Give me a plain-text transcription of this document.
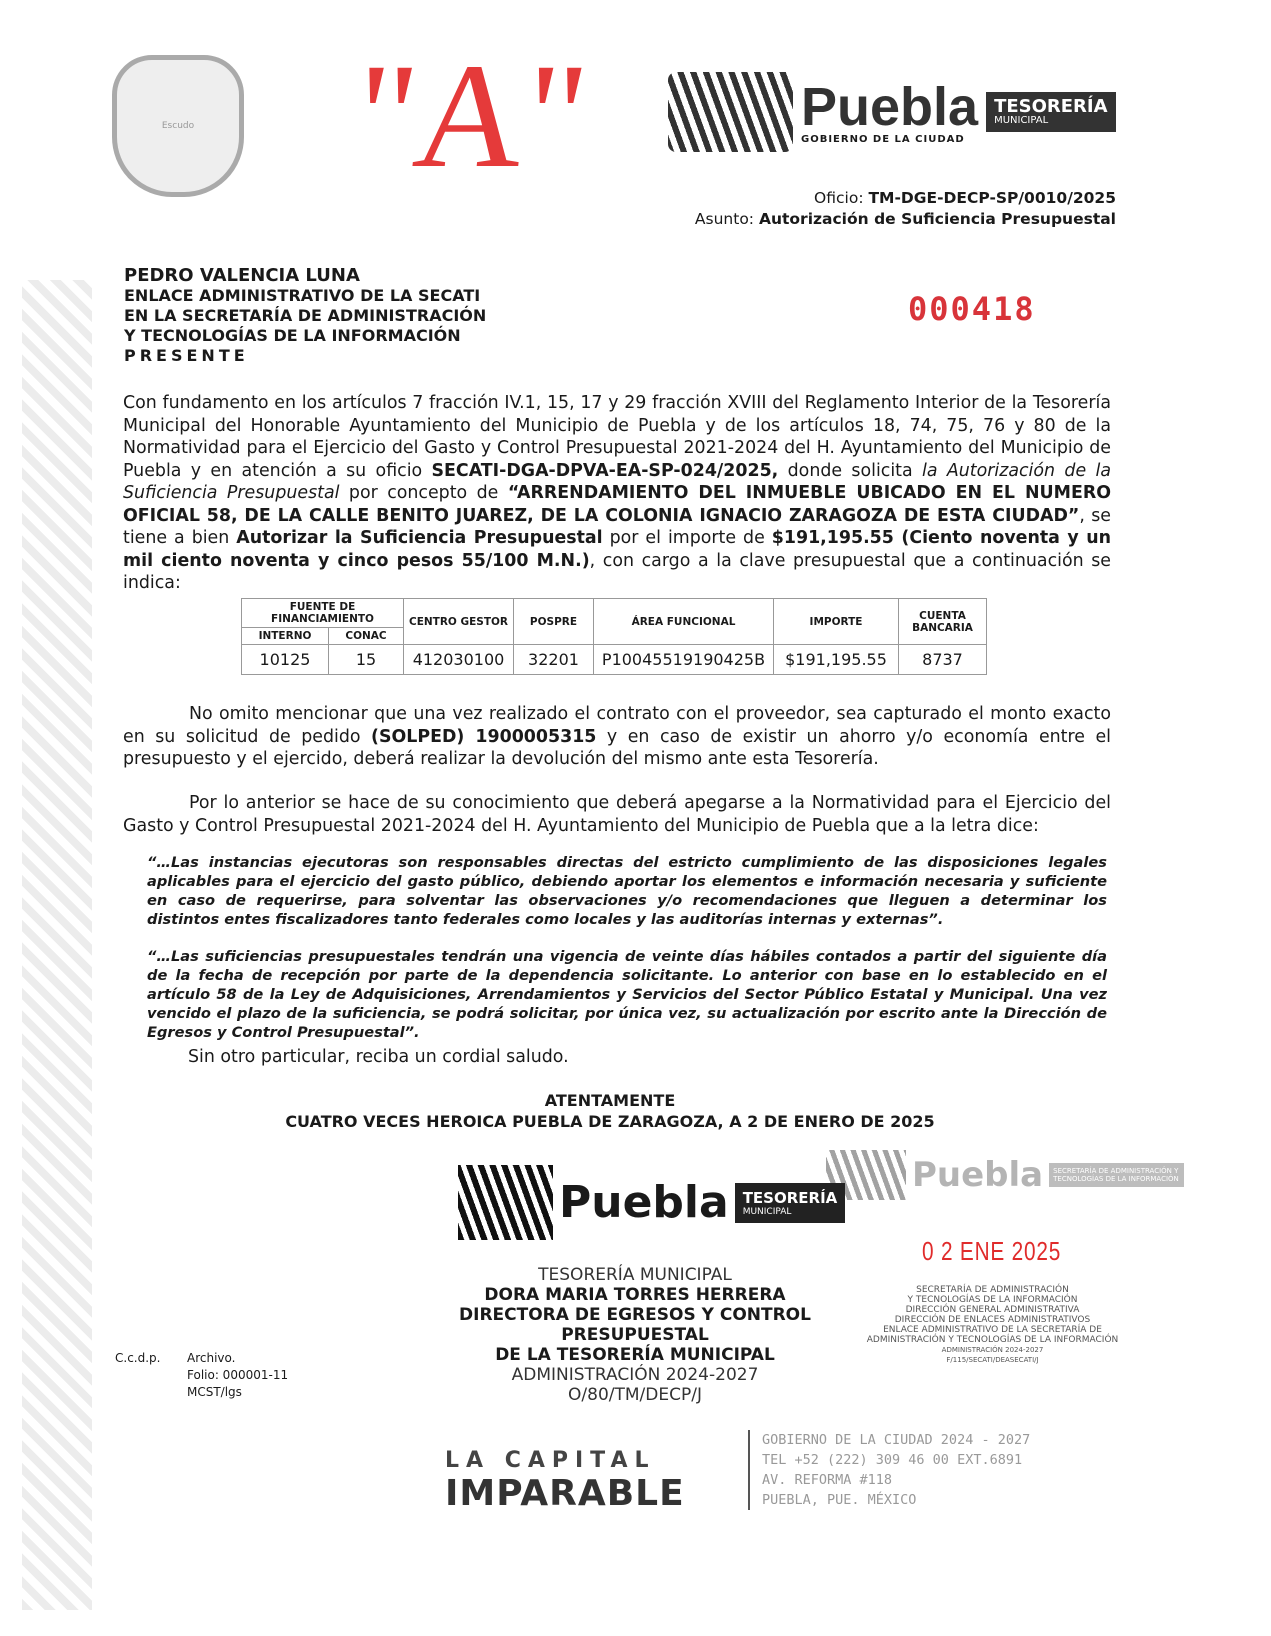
Escudo "A"	Puebla
GOBIERNO DE LA CIUDAD
TESORERÍA
MUNICIPAL
Oficio: TM-DGE-DECP-SP/0010/2025
Asunto: Autorización de Suficiencia Presupuestal
PEDRO VALENCIA LUNA
ENLACE ADMINISTRATIVO DE LA SECATI
EN LA SECRETARÍA DE ADMINISTRACIÓN
Y TECNOLOGÍAS DE LA INFORMACIÓN
PRESENTE
000418
Con fundamento en los artículos 7 fracción IV.1, 15, 17 y 29 fracción XVIII del Reglamento Interior de la Tesorería Municipal del Honorable Ayuntamiento del Municipio de Puebla y de los artículos 18, 74, 75, 76 y 80 de la Normatividad para el Ejercicio del Gasto y Control Presupuestal 2021-2024 del H. Ayuntamiento del Municipio de Puebla y en atención a su oficio SECATI-DGA-DPVA-EA-SP-024/2025, donde solicita la Autorización de la Suficiencia Presupuestal por concepto de “ARRENDAMIENTO DEL INMUEBLE UBICADO EN EL NUMERO OFICIAL 58, DE LA CALLE BENITO JUAREZ, DE LA COLONIA IGNACIO ZARAGOZA DE ESTA CIUDAD”, se tiene a bien Autorizar la Suficiencia Presupuestal por el importe de $191,195.55 (Ciento noventa y un mil ciento noventa y cinco pesos 55/100 M.N.), con cargo a la clave presupuestal que a continuación se indica:
FUENTE DE FINANCIAMIENTO		CENTRO GESTOR	POSPRE	ÁREA FUNCIONAL	IMPORTE	CUENTA BANCARIA
INTERNO	CONAC					
10125	15	412030100	32201	P10045519190425B	$191,195.55	8737
No omito mencionar que una vez realizado el contrato con el proveedor, sea capturado el monto exacto en su solicitud de pedido (SOLPED) 1900005315 y en caso de existir un ahorro y/o economía entre el presupuesto y el ejercido, deberá realizar la devolución del mismo ante esta Tesorería.
Por lo anterior se hace de su conocimiento que deberá apegarse a la Normatividad para el Ejercicio del Gasto y Control Presupuestal 2021-2024 del H. Ayuntamiento del Municipio de Puebla que a la letra dice:
“…Las instancias ejecutoras son responsables directas del estricto cumplimiento de las disposiciones legales aplicables para el ejercicio del gasto público, debiendo aportar los elementos e información necesaria y suficiente en caso de requerirse, para solventar las observaciones y/o recomendaciones que lleguen a determinar los distintos entes fiscalizadores tanto federales como locales y las auditorías internas y externas”.
“…Las suficiencias presupuestales tendrán una vigencia de veinte días hábiles contados a partir del siguiente día de la fecha de recepción por parte de la dependencia solicitante. Lo anterior con base en lo establecido en el artículo 58 de la Ley de Adquisiciones, Arrendamientos y Servicios del Sector Público Estatal y Municipal. Una vez vencido el plazo de la suficiencia, se podrá solicitar, por única vez, su actualización por escrito ante la Dirección de Egresos y Control Presupuestal”.
Sin otro particular, reciba un cordial saludo.
ATENTAMENTE
CUATRO VECES HEROICA PUEBLA DE ZARAGOZA, A 2 DE ENERO DE 2025
Puebla	SECRETARÍA DE ADMINISTRACIÓN Y TECNOLOGÍAS DE LA INFORMACIÓN
Puebla TESORERÍA
MUNICIPAL
TESORERÍA MUNICIPAL
DORA MARIA TORRES HERRERA
DIRECTORA DE EGRESOS Y CONTROL PRESUPUESTAL
DE LA TESORERÍA MUNICIPAL
ADMINISTRACIÓN 2024-2027
O/80/TM/DECP/J
0 2 ENE 2025
SECRETARÍA DE ADMINISTRACIÓN
Y TECNOLOGÍAS DE LA INFORMACIÓN
DIRECCIÓN GENERAL ADMINISTRATIVA
DIRECCIÓN DE ENLACES ADMINISTRATIVOS
ENLACE ADMINISTRATIVO DE LA SECRETARÍA DE
ADMINISTRACIÓN Y TECNOLOGÍAS DE LA INFORMACIÓN
ADMINISTRACIÓN 2024-2027
F/115/SECATI/DEASECATI/J
C.c.d.p. Archivo.
Folio: 000001-11
MCST/lgs
LA CAPITAL
IMPARABLE
GOBIERNO DE LA CIUDAD 2024 - 2027
TEL +52 (222) 309 46 00 EXT.6891
AV. REFORMA #118
PUEBLA, PUE. MÉXICO
